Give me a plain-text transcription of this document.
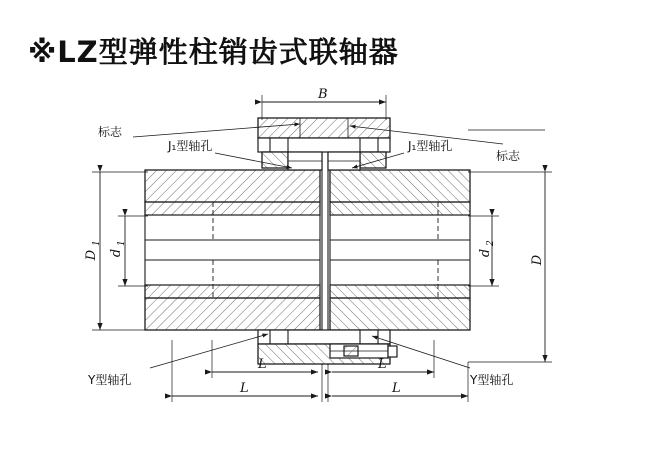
※LZ型弹性柱销齿式联轴器
标志
J₁型轴孔	J₁型轴孔
标志
Y型轴孔	Y型轴孔
B
D
1
d
1
d
2
D
L	L
L	L
